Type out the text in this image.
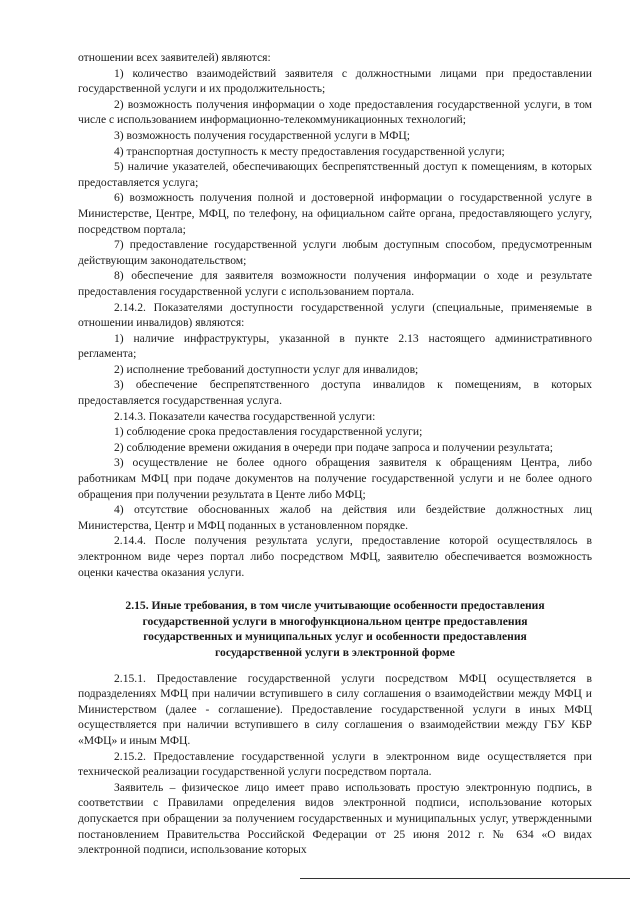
отношении всех заявителей) являются:

1) количество взаимодействий заявителя с должностными лицами при предоставлении государственной услуги и их продолжительность;

2) возможность получения информации о ходе предоставления государственной услуги, в том числе с использованием информационно-телекоммуникационных технологий;

3) возможность получения государственной услуги в МФЦ;

4) транспортная доступность к месту предоставления государственной услуги;

5) наличие указателей, обеспечивающих беспрепятственный доступ к помещениям, в которых предоставляется услуга;

6) возможность получения полной и достоверной информации о государственной услуге в Министерстве, Центре, МФЦ, по телефону, на официальном сайте органа, предоставляющего услугу, посредством портала;

7) предоставление государственной услуги любым доступным способом, предусмотренным действующим законодательством;

8) обеспечение для заявителя возможности получения информации о ходе и результате предоставления государственной услуги с использованием портала.

2.14.2. Показателями доступности государственной услуги (специальные, применяемые в отношении инвалидов) являются:

1) наличие инфраструктуры, указанной в пункте 2.13 настоящего административного регламента;

2) исполнение требований доступности услуг для инвалидов;

3) обеспечение беспрепятственного доступа инвалидов к помещениям, в которых предоставляется государственная услуга.

2.14.3. Показатели качества государственной услуги:

1) соблюдение срока предоставления государственной услуги;

2) соблюдение времени ожидания в очереди при подаче запроса и получении результата;

3) осуществление не более одного обращения заявителя к обращениям Центра, либо работникам МФЦ при подаче документов на получение государственной услуги и не более одного обращения при получении результата в Центе либо МФЦ;

4) отсутствие обоснованных жалоб на действия или бездействие должностных лиц Министерства, Центр и МФЦ поданных в установленном порядке.

2.14.4. После получения результата услуги, предоставление которой осуществлялось в электронном виде через портал либо посредством МФЦ, заявителю обеспечивается возможность оценки качества оказания услуги.

2.15. Иные требования, в том числе учитывающие особенности предоставления
государственной услуги в многофункциональном центре предоставления
государственных и муниципальных услуг и особенности предоставления
государственной услуги в электронной форме

2.15.1. Предоставление государственной услуги посредством МФЦ осуществляется в подразделениях МФЦ при наличии вступившего в силу соглашения о взаимодействии между МФЦ и Министерством (далее - соглашение). Предоставление государственной услуги в иных МФЦ осуществляется при наличии вступившего в силу соглашения о взаимодействии между ГБУ КБР «МФЦ» и иным МФЦ.

2.15.2. Предоставление государственной услуги в электронном виде осуществляется при технической реализации государственной услуги посредством портала.

Заявитель – физическое лицо имеет право использовать простую электронную подпись, в соответствии с Правилами определения видов электронной подписи, использование которых допускается при обращении за получением государственных и муниципальных услуг, утвержденными постановлением Правительства Российской Федерации от 25 июня 2012 г. № 634 «О видах электронной подписи, использование которых
